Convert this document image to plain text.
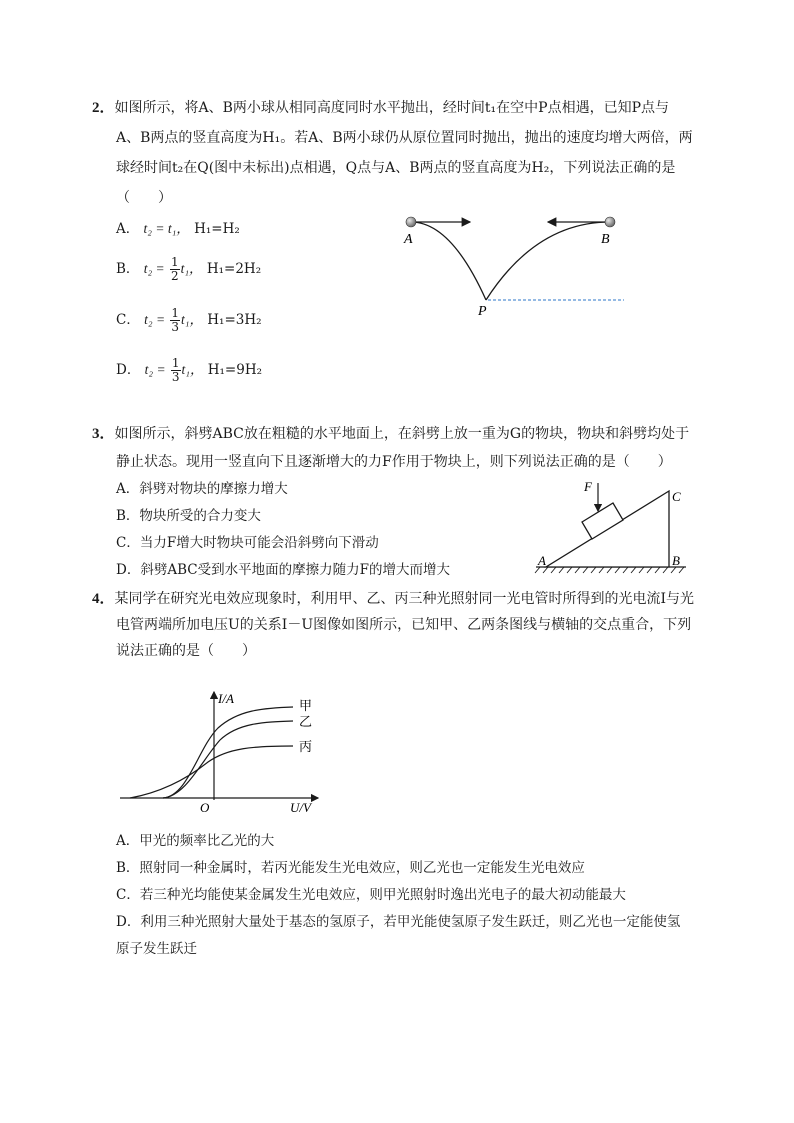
2．如图所示，将A、B两小球从相同高度同时水平抛出，经时间t₁在空中P点相遇，已知P点与
A、B两点的竖直高度为H₁。若A、B两小球仍从原位置同时抛出，抛出的速度均增大两倍，两
球经时间t₂在Q(图中未标出)点相遇，Q点与A、B两点的竖直高度为H₂，下列说法正确的是
（　　）
A． t₂ = t₁， H₁=H₂
B． $t_2 = \frac{1}{2} t_1$， H₁=2H₂
C． $t_2 = \frac{1}{3} t_1$， H₁=3H₂
D． $t_2 = \frac{1}{3} t_1$， H₁=9H₂
A	B
P
3．如图所示，斜劈ABC放在粗糙的水平地面上，在斜劈上放一重为G的物块，物块和斜劈均处于
静止状态。现用一竖直向下且逐渐增大的力F作用于物块上，则下列说法正确的是（　　）
A．斜劈对物块的摩擦力增大
B．物块所受的合力变大
C．当力F增大时物块可能会沿斜劈向下滑动
D．斜劈ABC受到水平地面的摩擦力随力F的增大而增大
F
A	B
C
4．某同学在研究光电效应现象时，利用甲、乙、丙三种光照射同一光电管时所得到的光电流I与光
电管两端所加电压U的关系I－U图像如图所示，已知甲、乙两条图线与横轴的交点重合，下列
说法正确的是（　　）
I/A
U/V
O
甲
乙
丙
A．甲光的频率比乙光的大
B．照射同一种金属时，若丙光能发生光电效应，则乙光也一定能发生光电效应
C．若三种光均能使某金属发生光电效应，则甲光照射时逸出光电子的最大初动能最大
D．利用三种光照射大量处于基态的氢原子，若甲光能使氢原子发生跃迁，则乙光也一定能使氢
原子发生跃迁
